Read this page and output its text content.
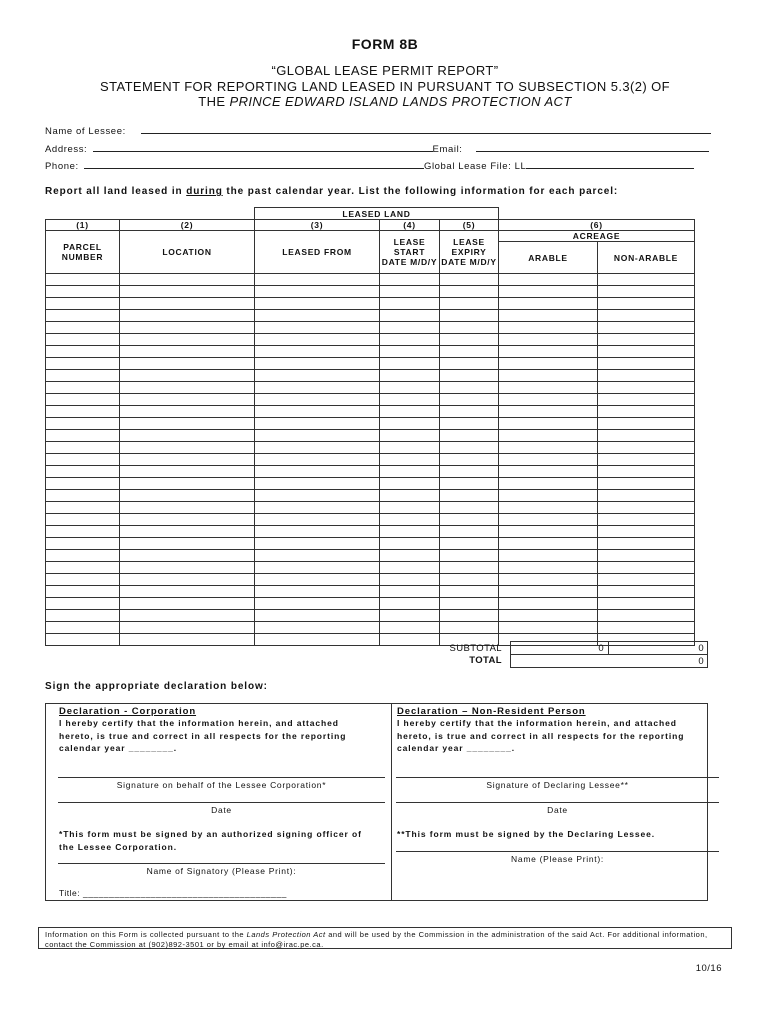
FORM 8B
“GLOBAL LEASE PERMIT REPORT”
STATEMENT FOR REPORTING LAND LEASED IN PURSUANT TO SUBSECTION 5.3(2) OF
THE PRINCE EDWARD ISLAND LANDS PROTECTION ACT
Name of Lessee:
Address:	Email:
Phone:	Global Lease File: LL
Report all land leased in during the past calendar year. List the following information for each parcel:
		LEASED LAND				
(1)	(2)	(3)	(4)	(5)	(6)	
PARCEL NUMBER	LOCATION	LEASED FROM	LEASE START DATE M/D/Y	LEASE EXPIRY DATE M/D/Y	ACREAGE	
					ARABLE	NON-ARABLE

SUBTOTAL	0	0
TOTAL	0
Sign the appropriate declaration below:
Declaration - Corporation
I hereby certify that the information herein, and attached hereto, is true and correct in all respects for the reporting calendar year ________.
Signature on behalf of the Lessee Corporation*
Date
*This form must be signed by an authorized signing officer of the Lessee Corporation.
Name of Signatory (Please Print):
Title: _______________________________________
Declaration – Non-Resident Person
I hereby certify that the information herein, and attached hereto, is true and correct in all respects for the reporting calendar year ________.
Signature of Declaring Lessee**
Date
**This form must be signed by the Declaring Lessee.
Name (Please Print):
Information on this Form is collected pursuant to the Lands Protection Act and will be used by the Commission in the administration of the said Act. For additional information, contact the Commission at (902)892-3501 or by email at info@irac.pe.ca.
10/16
